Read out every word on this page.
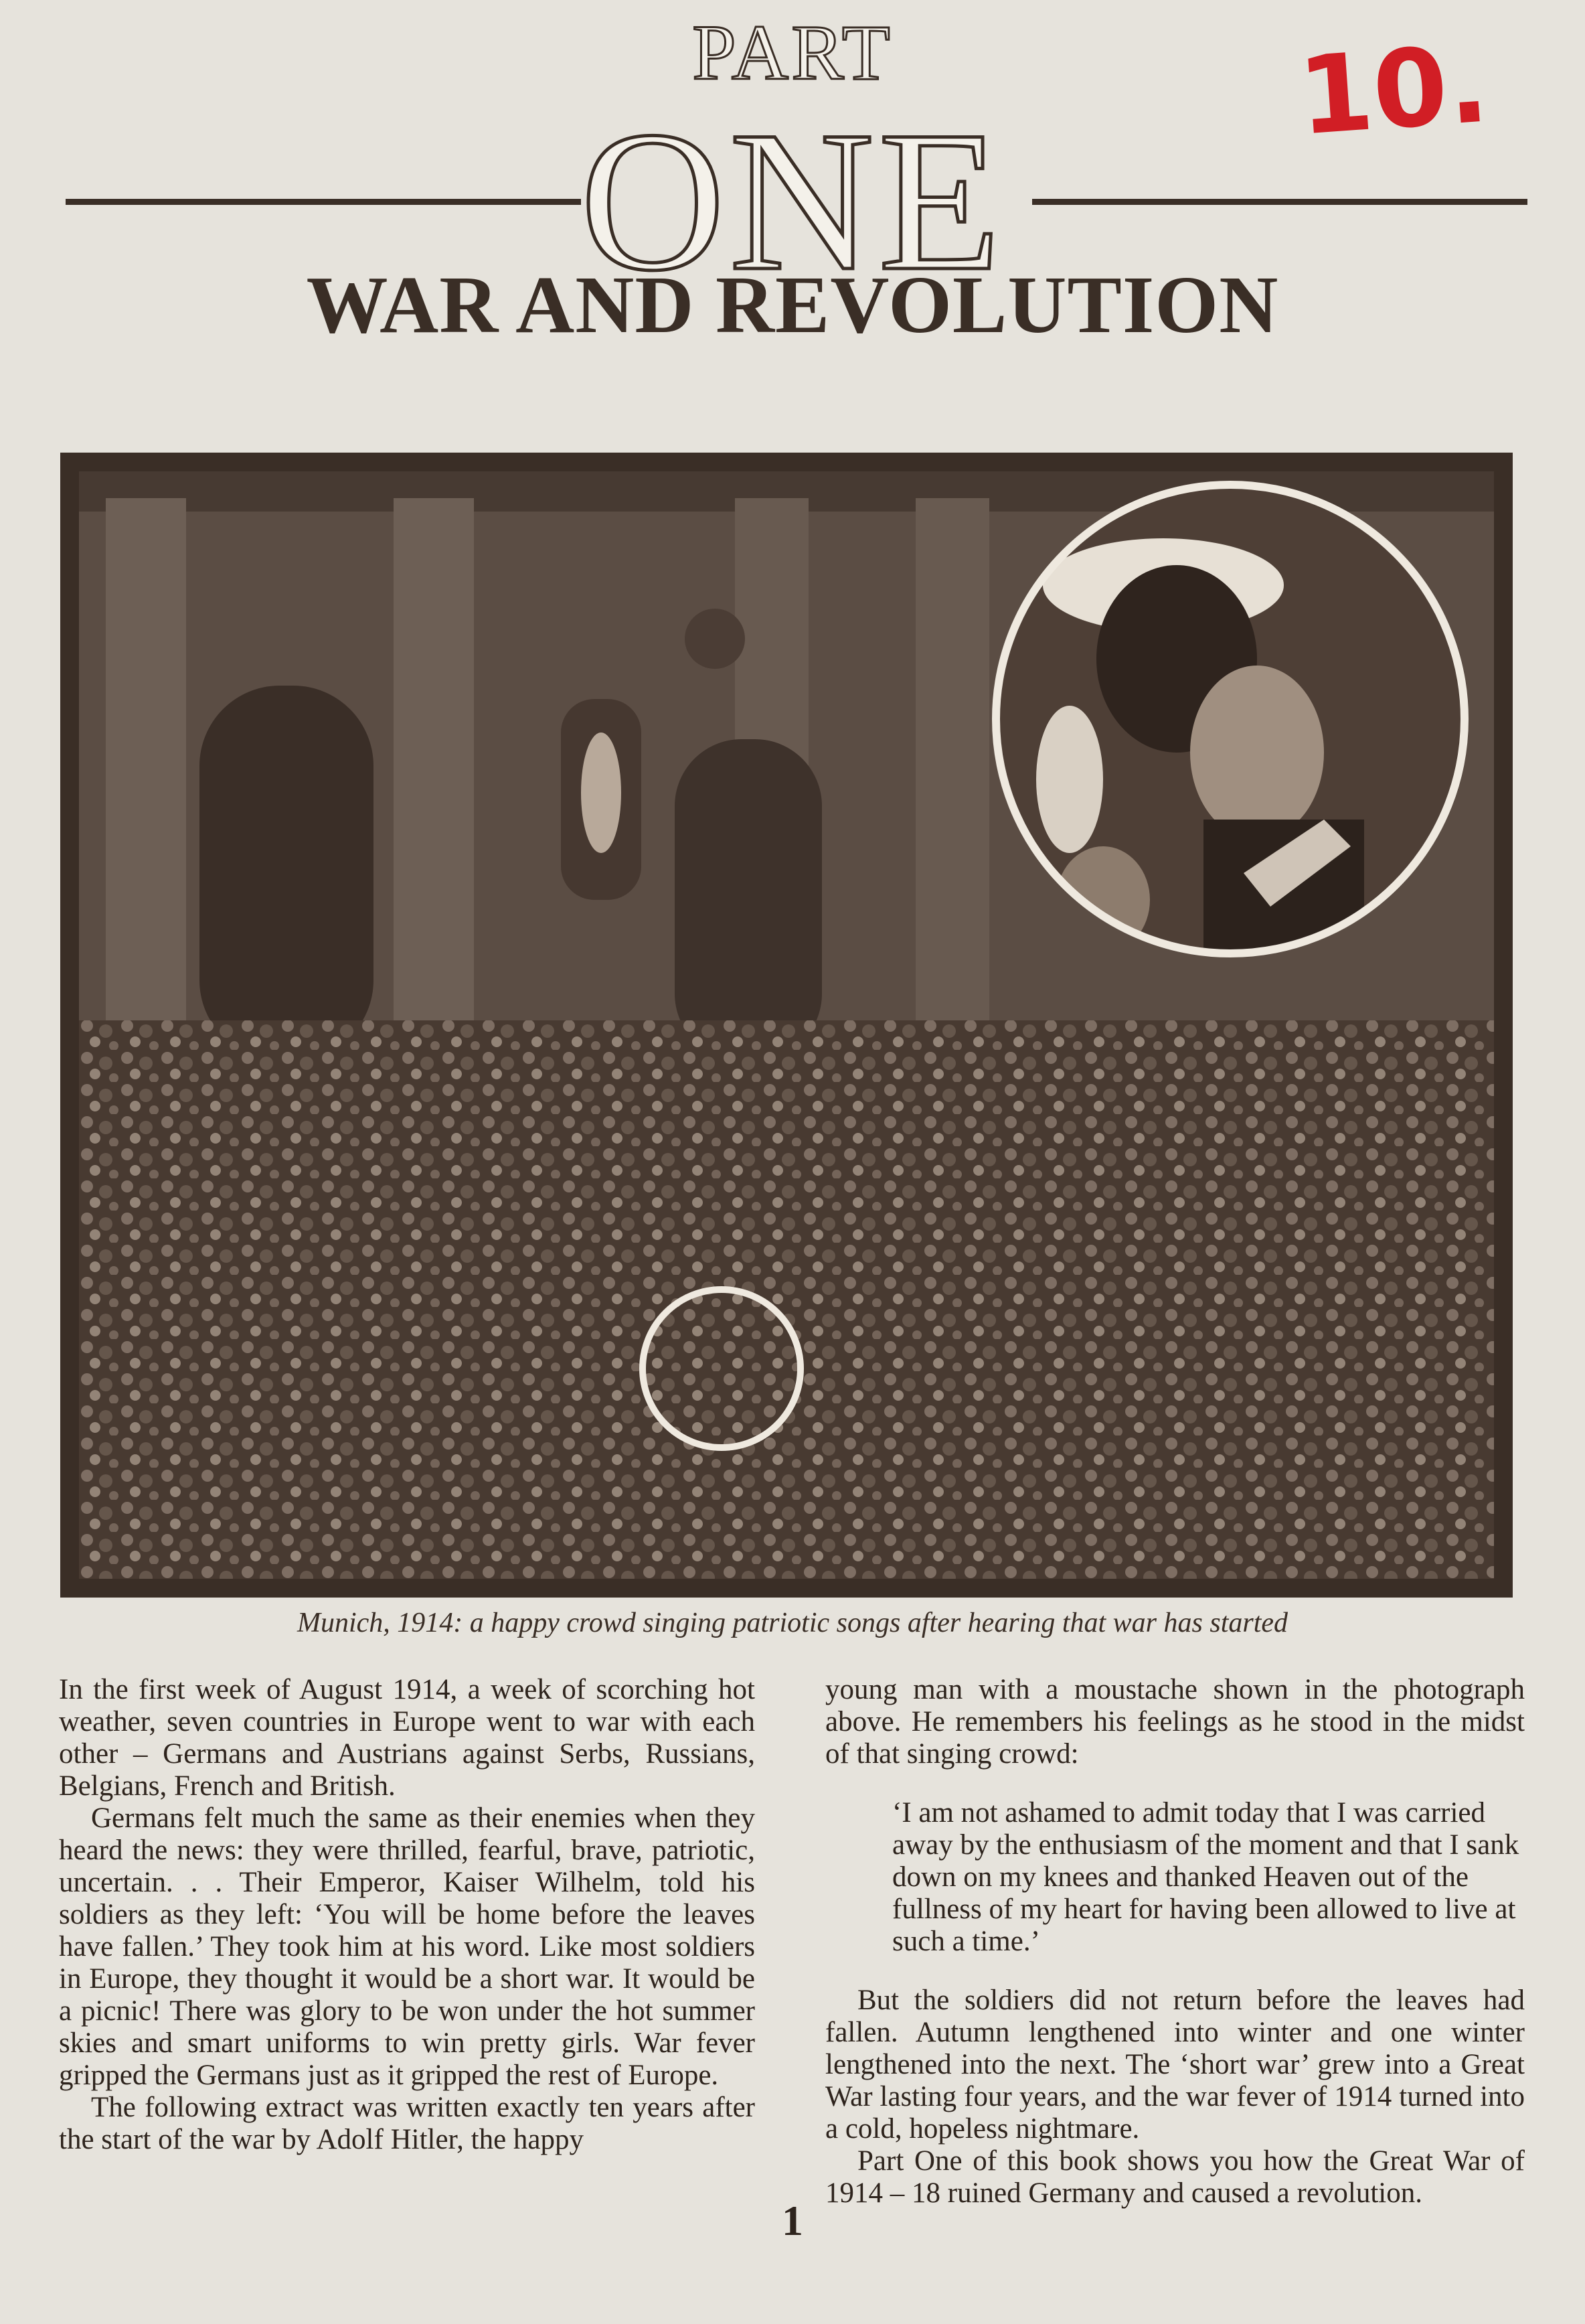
PART
ONE	10.
WAR AND REVOLUTION
Munich, 1914: a happy crowd singing patriotic songs after hearing that war has started

In the first week of August 1914, a week of scorching hot weather, seven countries in Europe went to war with each other – Germans and Austrians against Serbs, Russians, Belgians, French and British.

Germans felt much the same as their enemies when they heard the news: they were thrilled, fearful, brave, patriotic, uncertain. . . Their Emperor, Kaiser Wilhelm, told his soldiers as they left: ‘You will be home before the leaves have fallen.’ They took him at his word. Like most soldiers in Europe, they thought it would be a short war. It would be a picnic! There was glory to be won under the hot summer skies and smart uniforms to win pretty girls. War fever gripped the Germans just as it gripped the rest of Europe.

The following extract was written exactly ten years after the start of the war by Adolf Hitler, the happy

young man with a moustache shown in the photograph above. He remembers his feelings as he stood in the midst of that singing crowd:

‘I am not ashamed to admit today that I was carried away by the enthusiasm of the moment and that I sank down on my knees and thanked Heaven out of the fullness of my heart for having been allowed to live at such a time.’

But the soldiers did not return before the leaves had fallen. Autumn lengthened into winter and one winter lengthened into the next. The ‘short war’ grew into a Great War lasting four years, and the war fever of 1914 turned into a cold, hopeless nightmare.

Part One of this book shows you how the Great War of 1914 – 18 ruined Germany and caused a revolution.

1
